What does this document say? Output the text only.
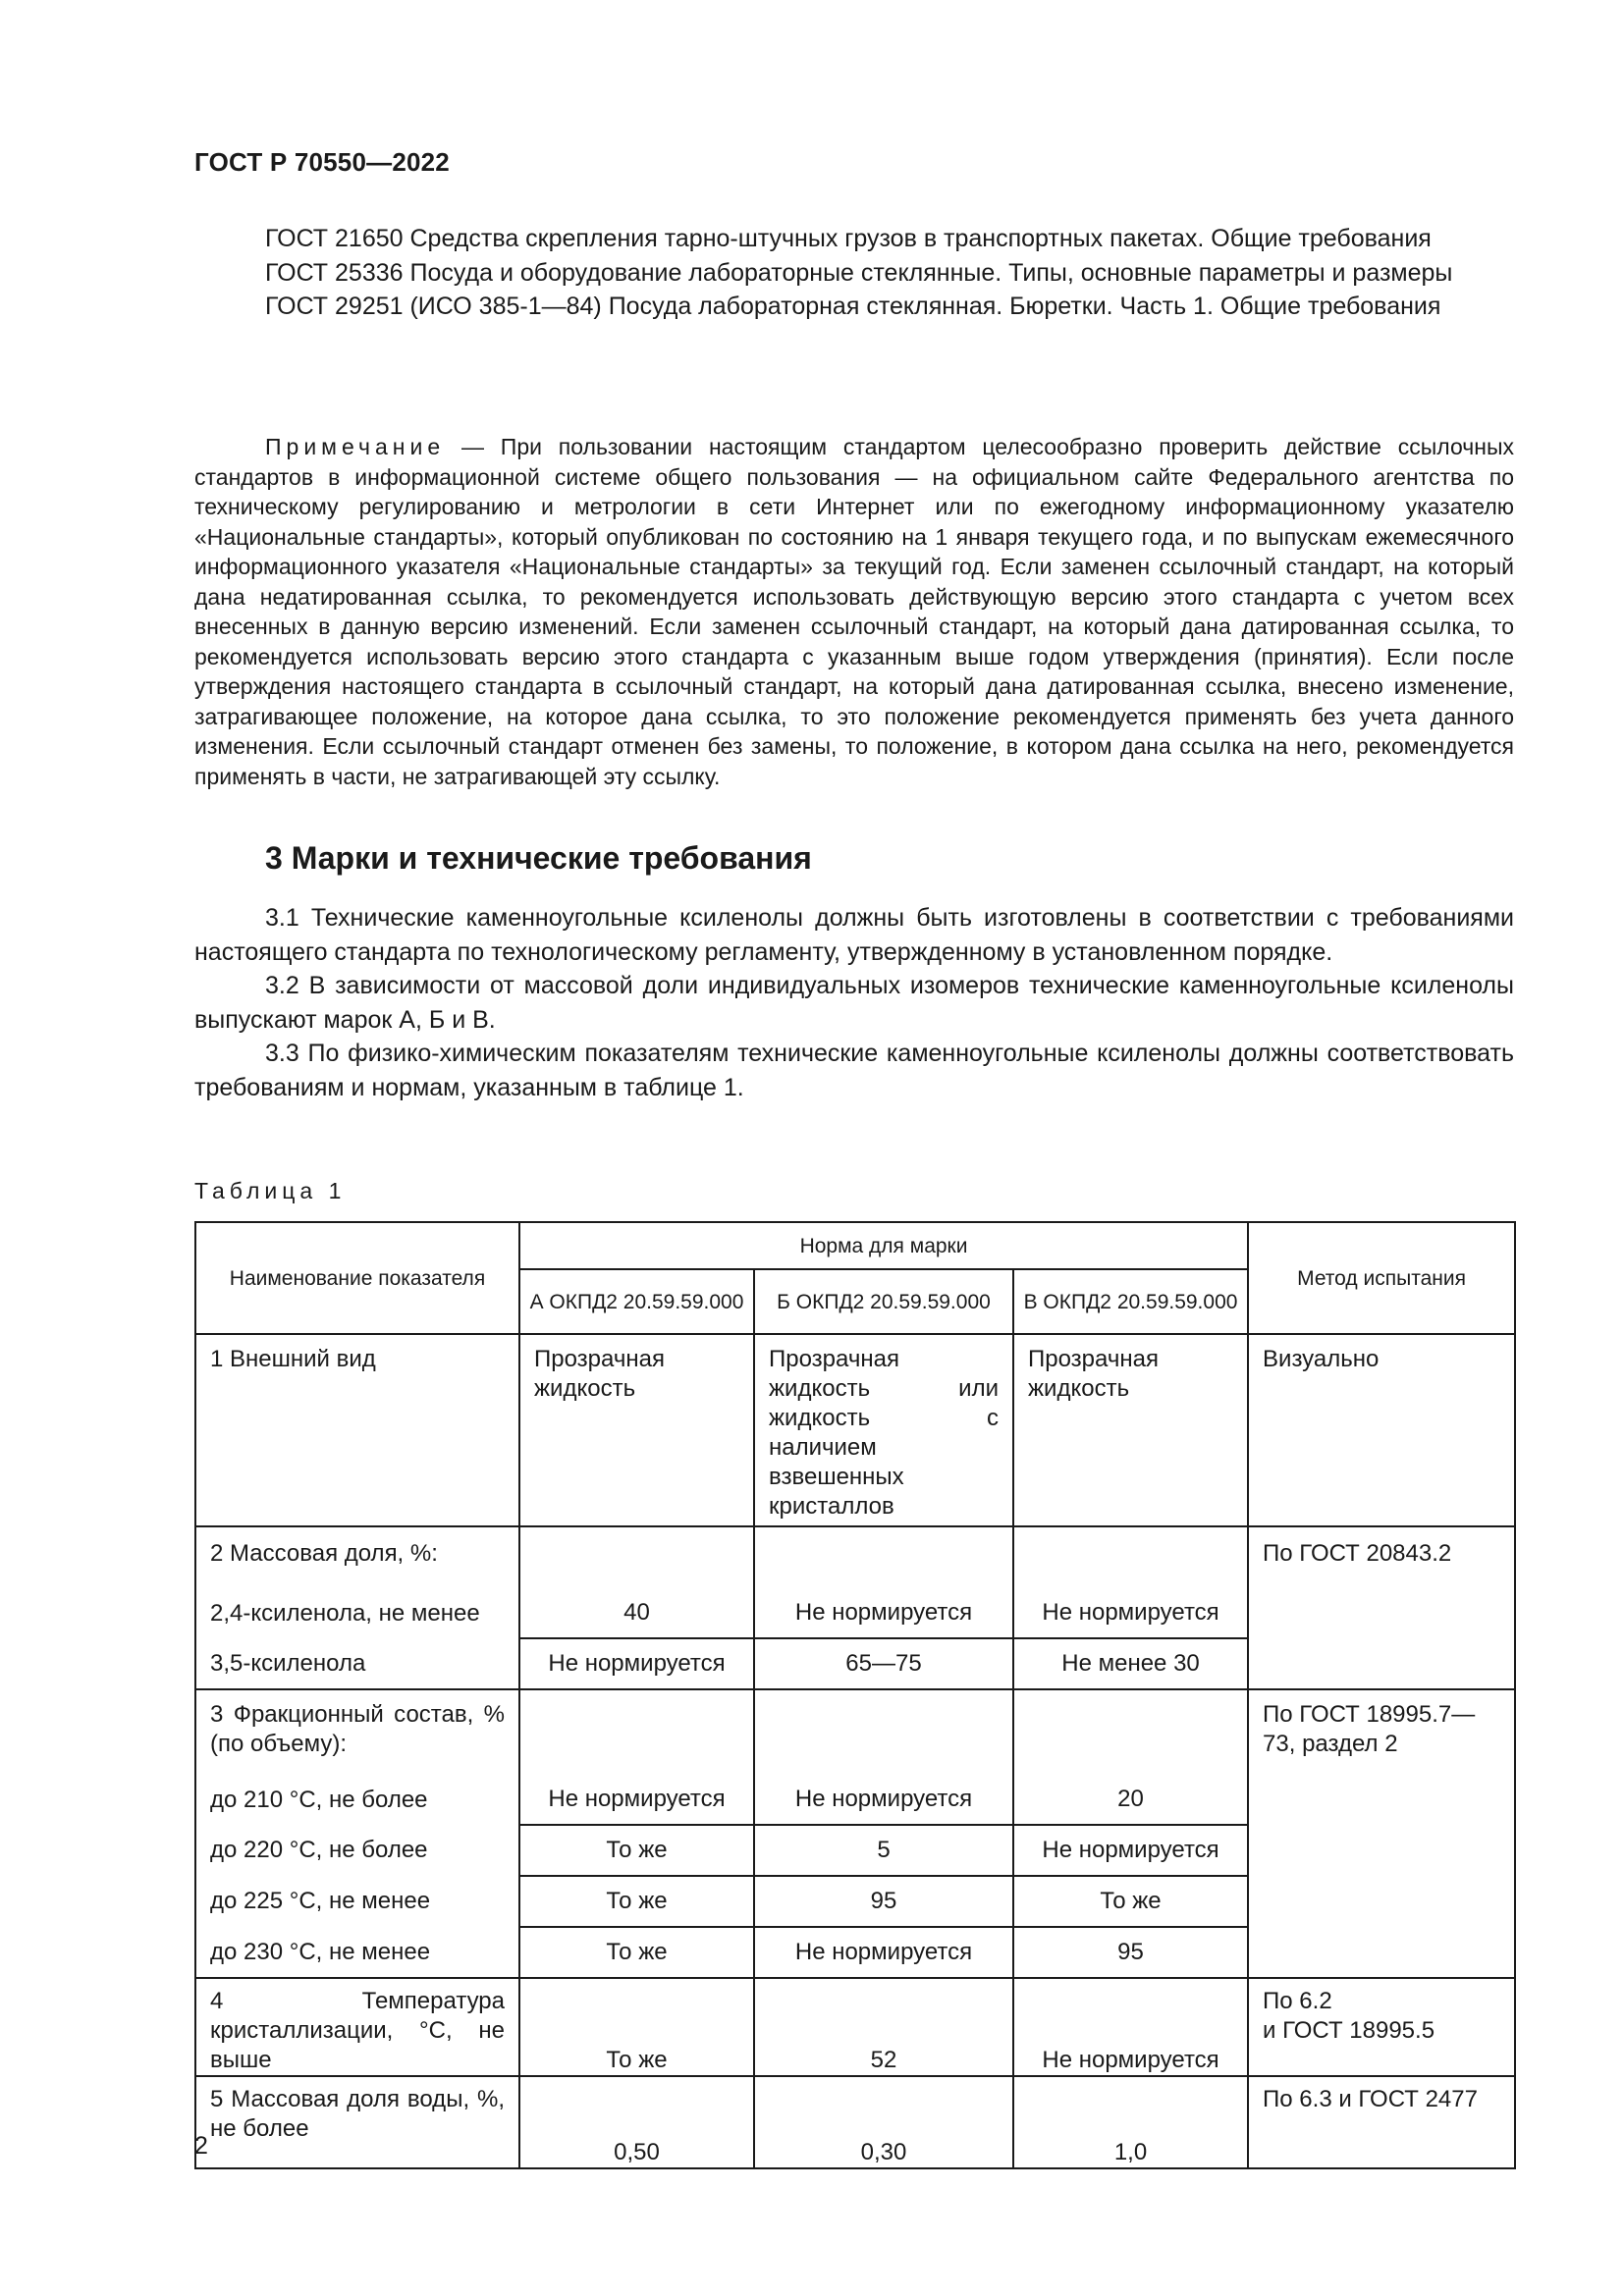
ГОСТ Р 70550—2022

ГОСТ 21650 Средства скрепления тарно-штучных грузов в транспортных пакетах. Общие требования

ГОСТ 25336 Посуда и оборудование лабораторные стеклянные. Типы, основные параметры и размеры

ГОСТ 29251 (ИСО 385-1—84) Посуда лабораторная стеклянная. Бюретки. Часть 1. Общие требования

Примечание — При пользовании настоящим стандартом целесообразно проверить действие ссылочных стандартов в информационной системе общего пользования — на официальном сайте Федерального агентства по техническому регулированию и метрологии в сети Интернет или по ежегодному информационному указателю «Национальные стандарты», который опубликован по состоянию на 1 января текущего года, и по выпускам ежемесячного информационного указателя «Национальные стандарты» за текущий год. Если заменен ссылочный стандарт, на который дана недатированная ссылка, то рекомендуется использовать действующую версию этого стандарта с учетом всех внесенных в данную версию изменений. Если заменен ссылочный стандарт, на который дана датированная ссылка, то рекомендуется использовать версию этого стандарта с указанным выше годом утверждения (принятия). Если после утверждения настоящего стандарта в ссылочный стандарт, на который дана датированная ссылка, внесено изменение, затрагивающее положение, на которое дана ссылка, то это положение рекомендуется применять без учета данного изменения. Если ссылочный стандарт отменен без замены, то положение, в котором дана ссылка на него, рекомендуется применять в части, не затрагивающей эту ссылку.

3 Марки и технические требования

3.1 Технические каменноугольные ксиленолы должны быть изготовлены в соответствии с требованиями настоящего стандарта по технологическому регламенту, утвержденному в установленном порядке.

3.2 В зависимости от массовой доли индивидуальных изомеров технические каменноугольные ксиленолы выпускают марок А, Б и В.

3.3 По физико-химическим показателям технические каменноугольные ксиленолы должны соответствовать требованиям и нормам, указанным в таблице 1.

Таблица 1
Наименование показателя	Норма для марки			Метод испытания
	А ОКПД2 20.59.59.000	Б ОКПД2 20.59.59.000	В ОКПД2 20.59.59.000	
1 Внешний вид	Прозрачная жидкость	Прозрачная жидкость или жидкость с наличием взвешенных кристаллов	Прозрачная жидкость	Визуально
2 Массовая доля, %:				По ГОСТ 20843.2
2,4-ксиленола, не менее	40	Не нормируется	Не нормируется	
3,5-ксиленола	Не нормируется	65—75	Не менее 30	
3 Фракционный состав, % (по объему):				По ГОСТ 18995.7—73, раздел 2
до 210 °С, не более	Не нормируется	Не нормируется	20	
до 220 °С, не более	То же	5	Не нормируется	
до 225 °С, не менее	То же	95	То же	
до 230 °С, не менее	То же	Не нормируется	95	
4 Температура кристаллизации, °С, не выше	То же	52	Не нормируется	По 6.2
и ГОСТ 18995.5
5 Массовая доля воды, %, не более	0,50	0,30	1,0	По 6.3 и ГОСТ 2477
2
